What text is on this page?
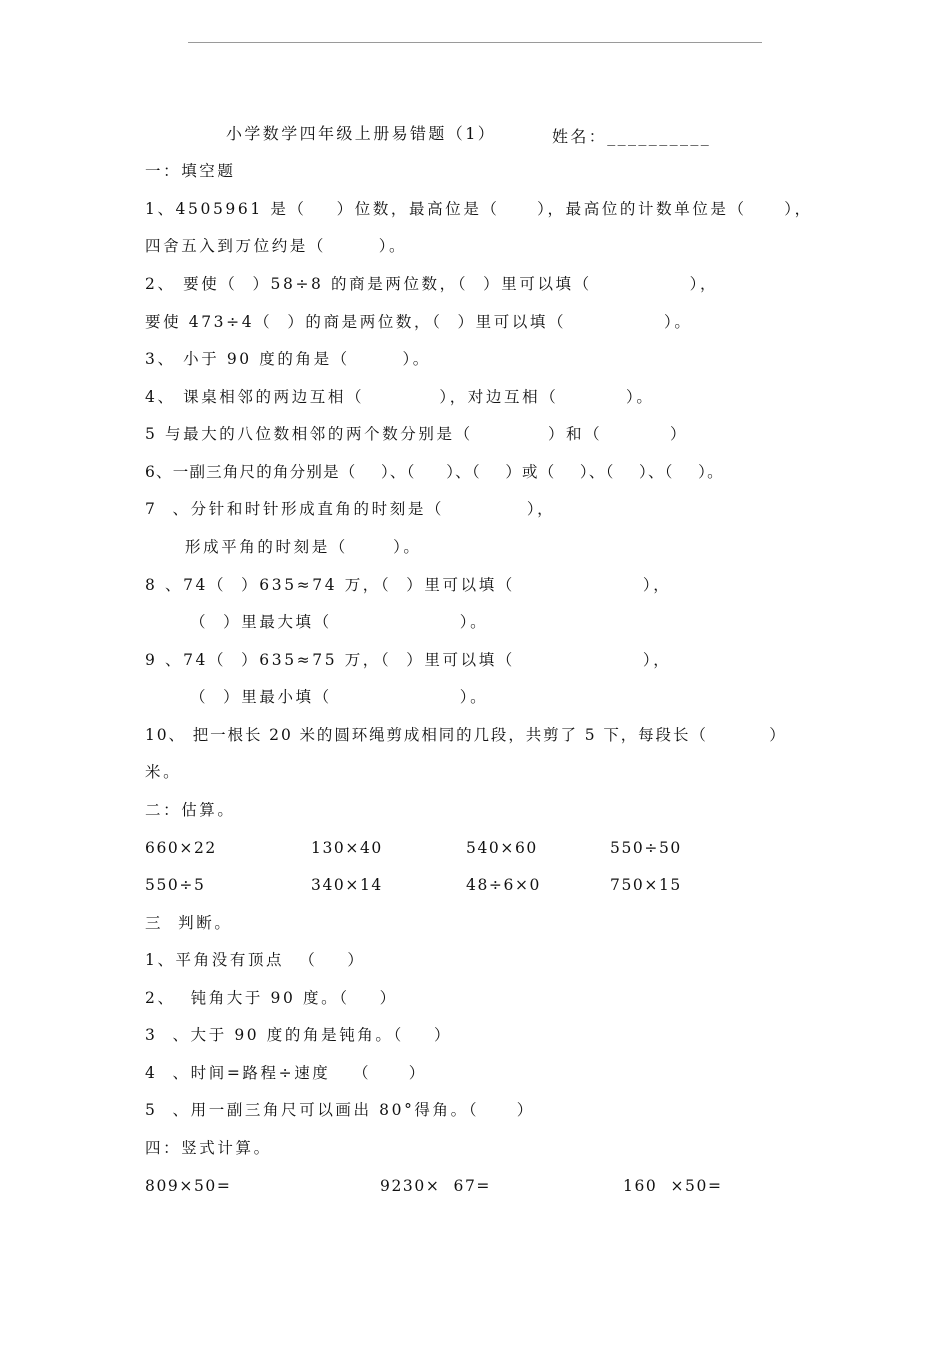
小学数学四年级上册易错题（1）	姓名：__________
一：填空题
1、4505961 是（    ）位数，最高位是（     ），最高位的计数单位是（     ），
四舍五入到万位约是（       ）。
2、 要使（  ）58÷8 的商是两位数，（  ）里可以填（             ），
要使 473÷4（  ）的商是两位数，（  ）里可以填（             ）。
3、 小于 90 度的角是（       ）。
4、 课桌相邻的两边互相（          ），对边互相（         ）。
5 与最大的八位数相邻的两个数分别是（          ）和（         ）
6、一副三角尺的角分别是（    ）、（     ）、（    ）或（    ）、（    ）、（    ）。
7  、分针和时针形成直角的时刻是（           ），
形成平角的时刻是（      ）。
8 、74（  ）635≈74 万，（  ）里可以填（                 ），
（  ）里最大填（                 ）。
9 、74（  ）635≈75 万，（  ）里可以填（                 ），
（  ）里最小填（                 ）。
10、 把一根长 20 米的圆环绳剪成相同的几段，共剪了 5 下，每段长（         ）
米。
二：估算。
660×22	130×40	540×60	550÷50
550÷5	340×14	48÷6×0	750×15
三  判断。
1、平角没有顶点  （    ）
2、  钝角大于 90 度。（    ）
3  、大于 90 度的角是钝角。（    ）
4  、时间=路程÷速度   （     ）
5  、用一副三角尺可以画出 80°得角。（     ）
四：竖式计算。
809×50=	9230×  67=	160  ×50=
